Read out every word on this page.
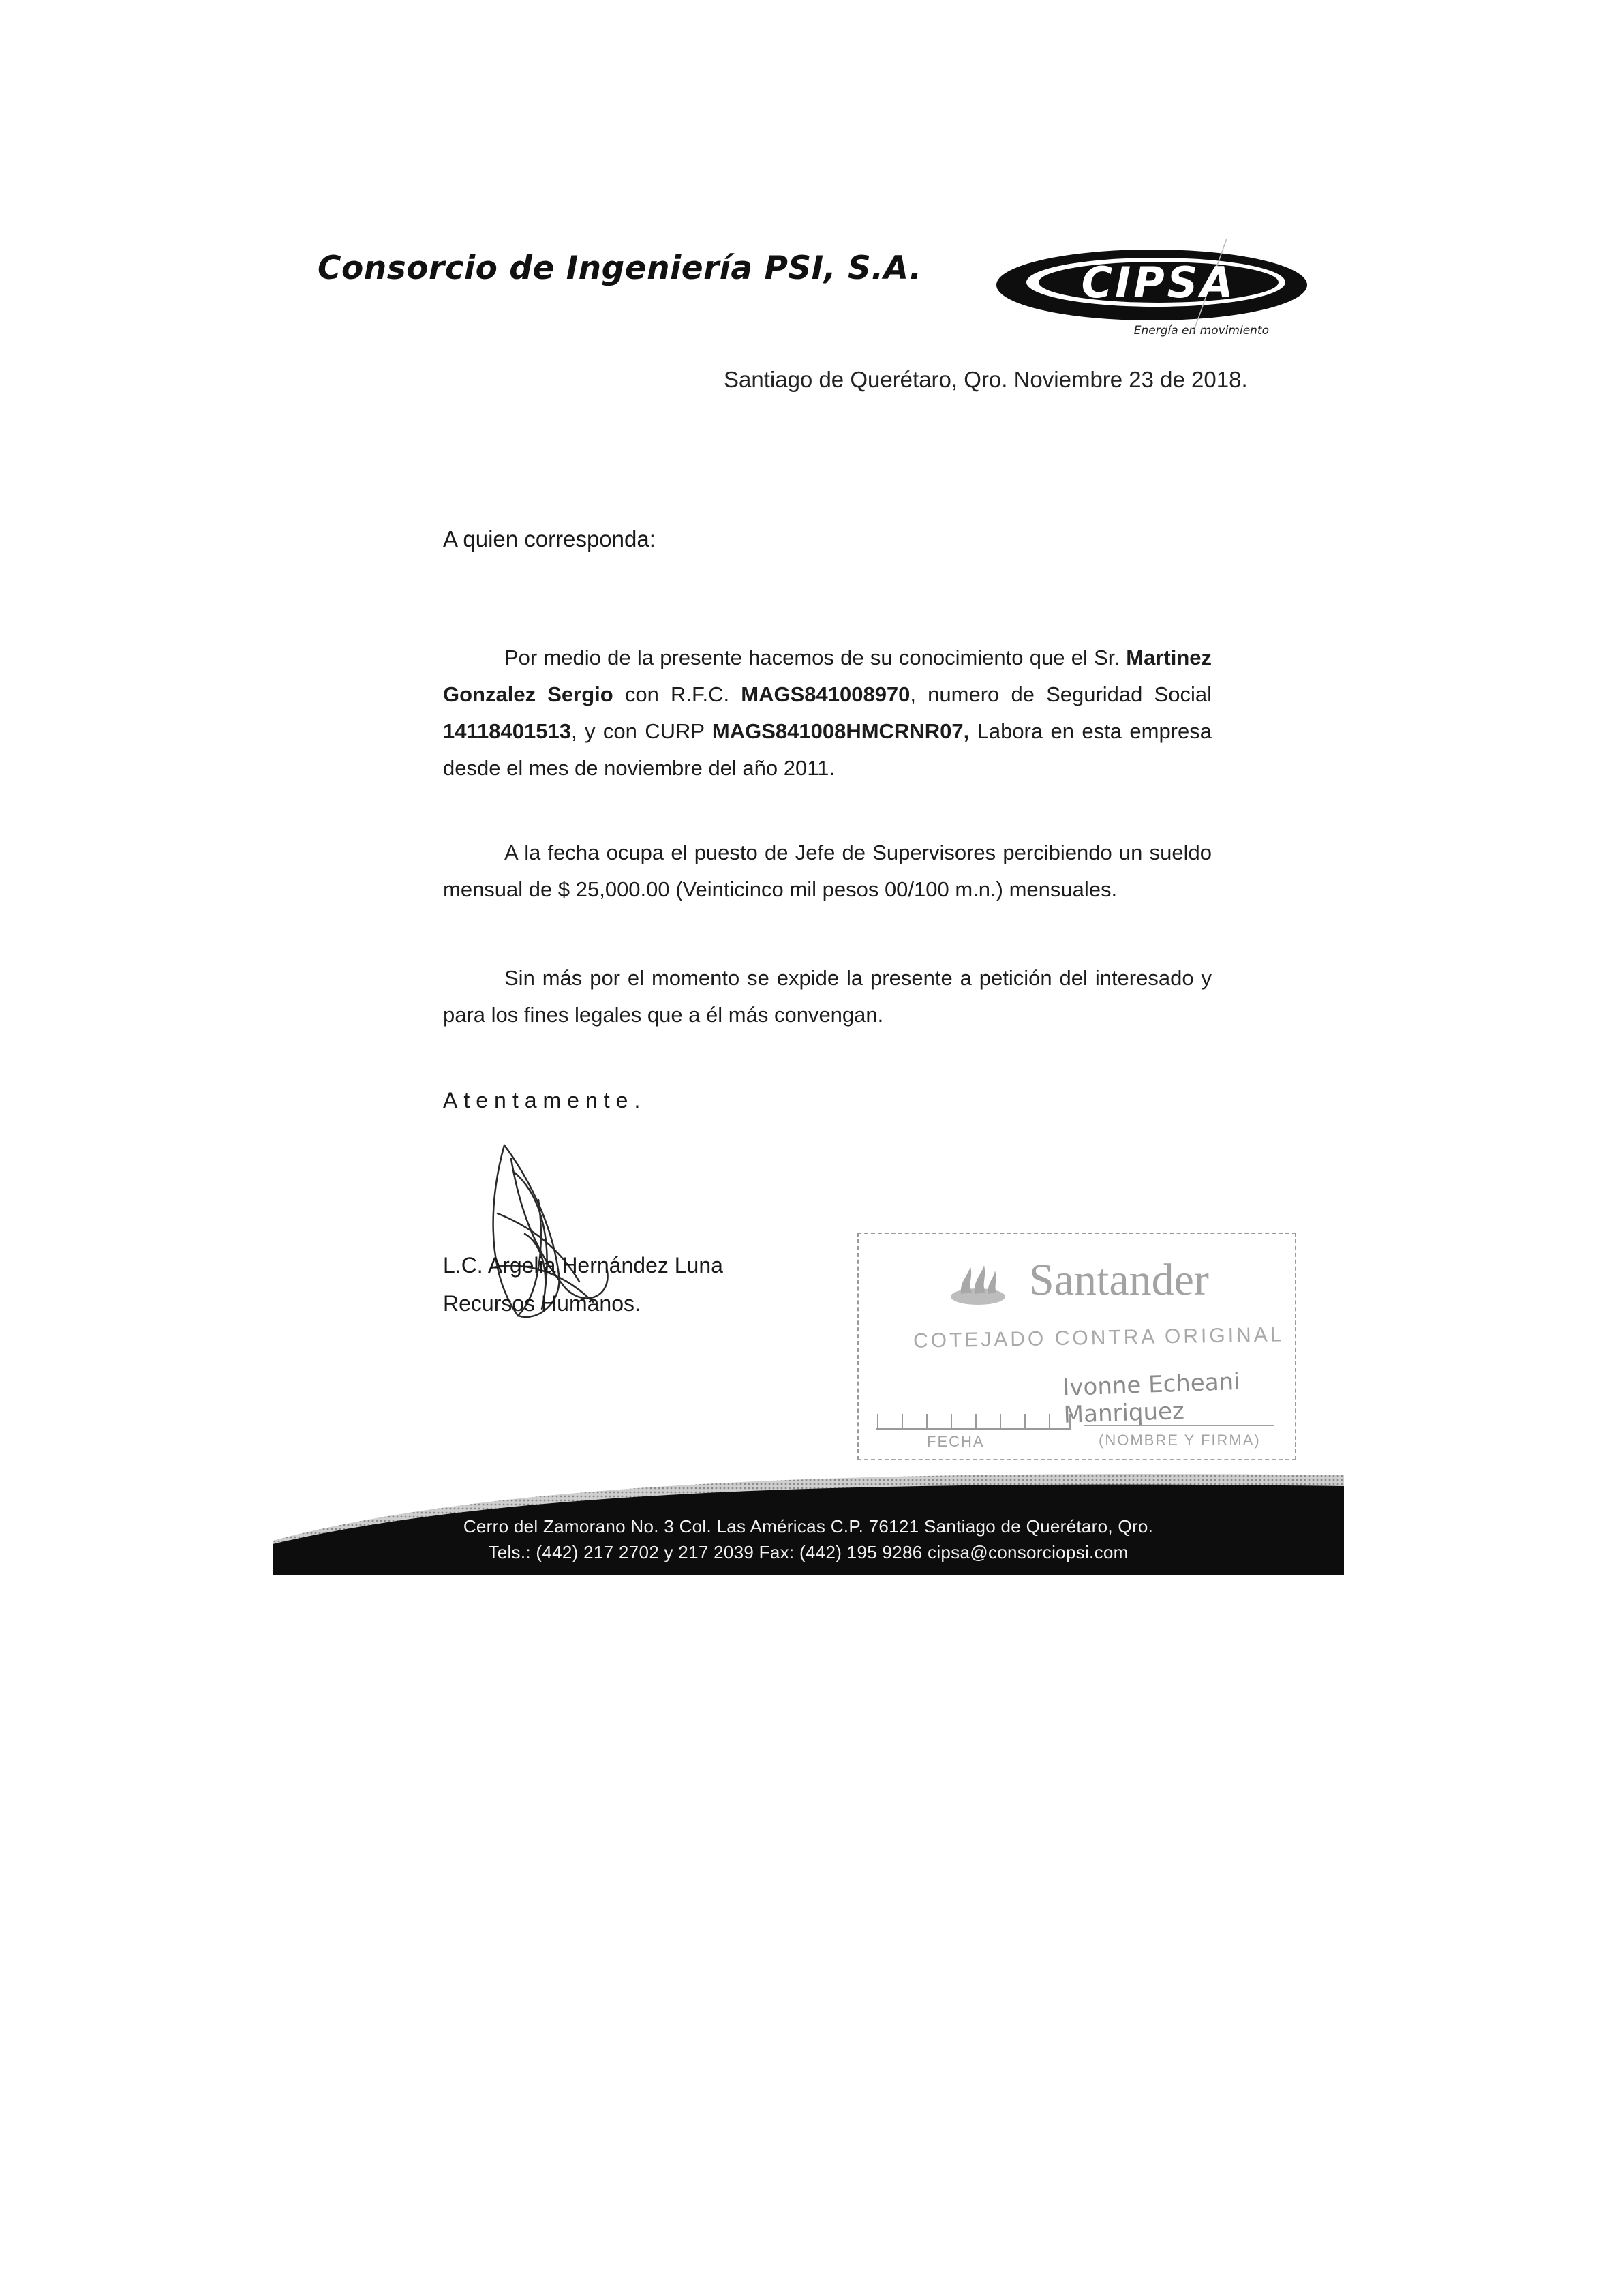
Consorcio de Ingeniería PSI, S.A.	CIPSA
Energía en movimiento
Santiago de Querétaro, Qro. Noviembre 23 de 2018.
A quien corresponda:
Por medio de la presente hacemos de su conocimiento que el Sr. Martinez Gonzalez Sergio con R.F.C. MAGS841008970, numero de Seguridad Social 14118401513, y con CURP MAGS841008HMCRNR07, Labora en esta empresa desde el mes de noviembre del año 2011.
A la fecha ocupa el puesto de Jefe de Supervisores percibiendo un sueldo mensual de $ 25,000.00 (Veinticinco mil pesos 00/100 m.n.) mensuales.
Sin más por el momento se expide la presente a petición del interesado y para los fines legales que a él más convengan.
Atentamente.
L.C. Argelia Hernández Luna
Recursos Humanos.	Santander
COTEJADO CONTRA ORIGINAL
Ivonne Echeani Manriquez
FECHA	(NOMBRE Y FIRMA)
Cerro del Zamorano No. 3 Col. Las Américas C.P. 76121 Santiago de Querétaro, Qro.
Tels.: (442) 217 2702 y 217 2039 Fax: (442) 195 9286 cipsa@consorciopsi.com
